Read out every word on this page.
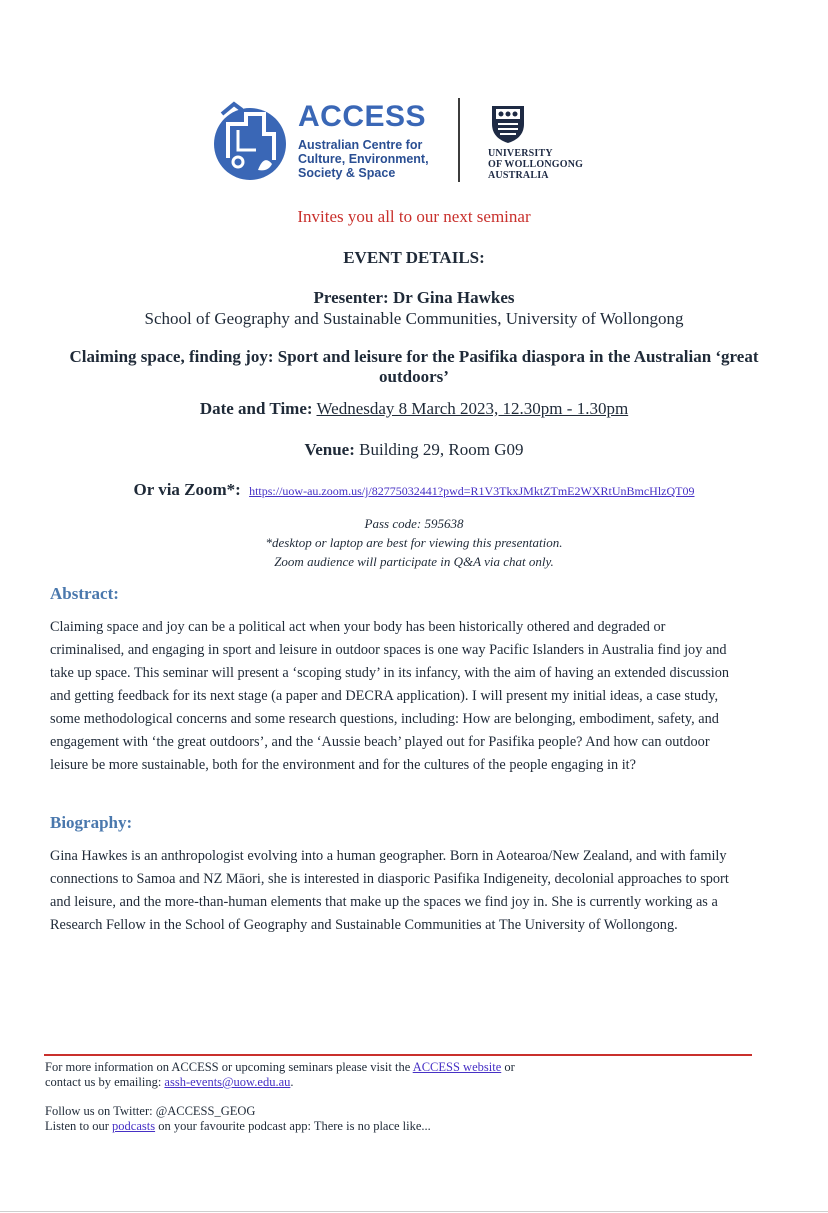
ACCESS
Australian Centre for
Culture, Environment,
Society & Space
UNIVERSITY
OF WOLLONGONG
AUSTRALIA
Invites you all to our next seminar
EVENT DETAILS:
Presenter: Dr Gina Hawkes
School of Geography and Sustainable Communities, University of Wollongong
Claiming space, finding joy: Sport and leisure for the Pasifika diaspora in the Australian ‘great outdoors’
Date and Time: Wednesday 8 March 2023, 12.30pm - 1.30pm
Venue: Building 29, Room G09
Or via Zoom*: https://uow-au.zoom.us/j/82775032441?pwd=R1V3TkxJMktZTmE2WXRtUnBmcHlzQT09
Pass code: 595638
*desktop or laptop are best for viewing this presentation.
Zoom audience will participate in Q&A via chat only.
Abstract:
Claiming space and joy can be a political act when your body has been historically othered and degraded or criminalised, and engaging in sport and leisure in outdoor spaces is one way Pacific Islanders in Australia find joy and take up space. This seminar will present a ‘scoping study’ in its infancy, with the aim of having an extended discussion and getting feedback for its next stage (a paper and DECRA application). I will present my initial ideas, a case study, some methodological concerns and some research questions, including: How are belonging, embodiment, safety, and engagement with ‘the great outdoors’, and the ‘Aussie beach’ played out for Pasifika people? And how can outdoor leisure be more sustainable, both for the environment and for the cultures of the people engaging in it?
Biography:
Gina Hawkes is an anthropologist evolving into a human geographer. Born in Aotearoa/New Zealand, and with family connections to Samoa and NZ Māori, she is interested in diasporic Pasifika Indigeneity, decolonial approaches to sport and leisure, and the more-than-human elements that make up the spaces we find joy in. She is currently working as a Research Fellow in the School of Geography and Sustainable Communities at The University of Wollongong.
For more information on ACCESS or upcoming seminars please visit the ACCESS website or
contact us by emailing: assh-events@uow.edu.au.
Follow us on Twitter: @ACCESS_GEOG
Listen to our podcasts on your favourite podcast app: There is no place like...
